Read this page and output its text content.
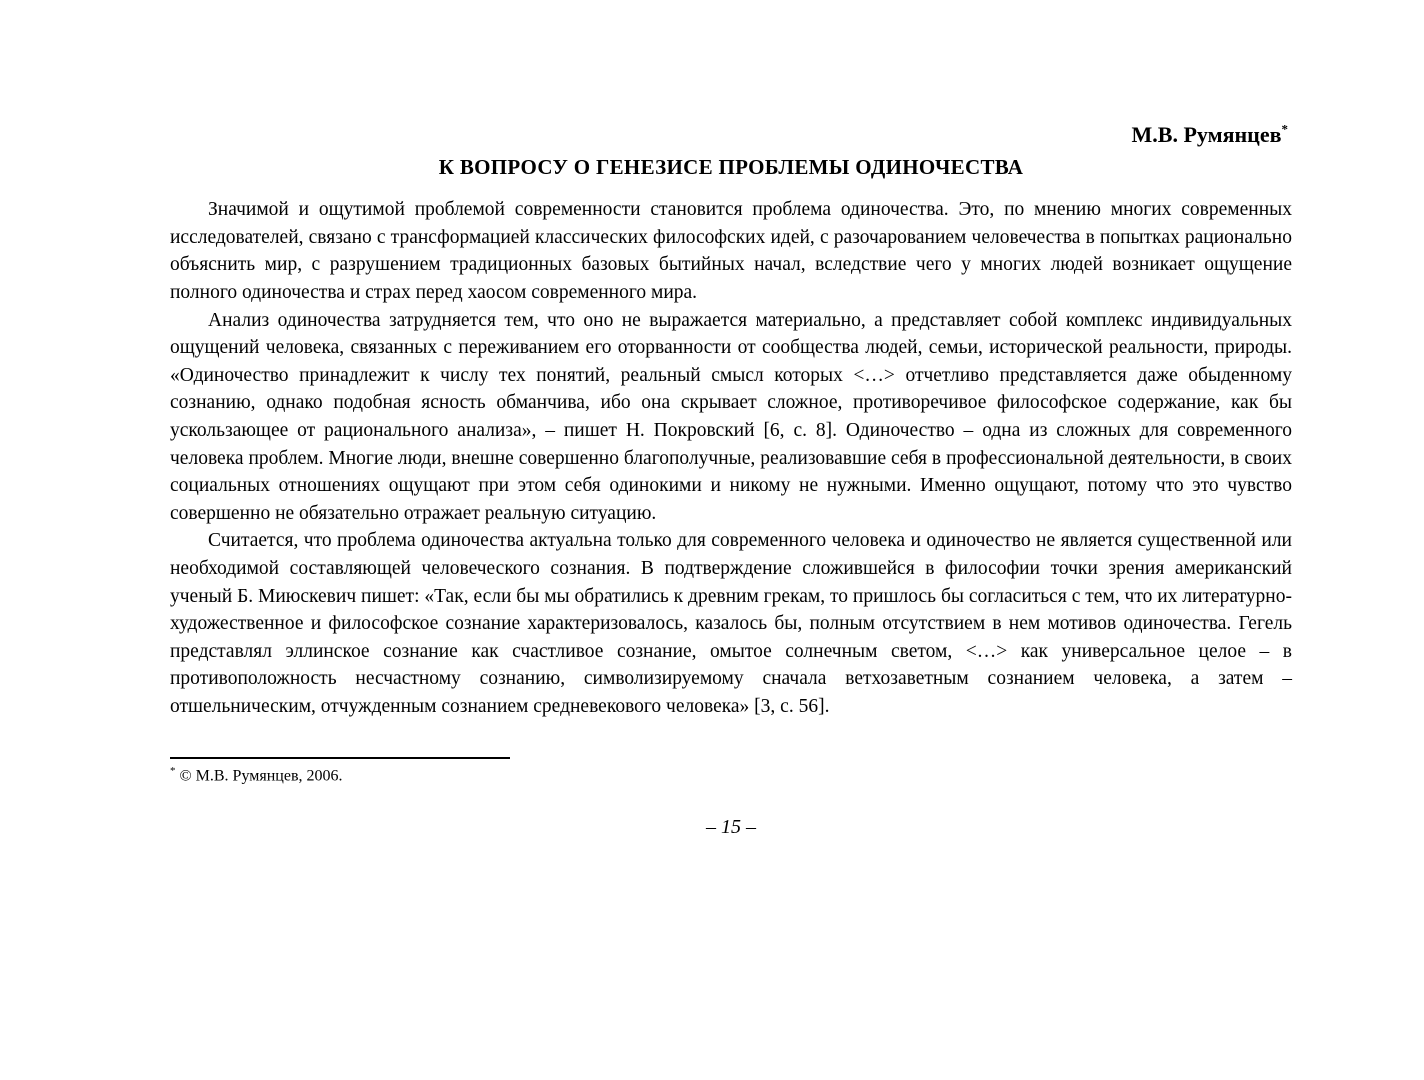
М.В. Румянцев*
К ВОПРОСУ О ГЕНЕЗИСЕ ПРОБЛЕМЫ ОДИНОЧЕСТВА

Значимой и ощутимой проблемой современности становится проблема одиночества. Это, по мнению многих современных исследователей, связано с трансформацией классических философских идей, с разочарованием человечества в попытках рационально объяснить мир, с разрушением традиционных базовых бытийных начал, вследствие чего у многих людей возникает ощущение полного одиночества и страх перед хаосом современного мира.

Анализ одиночества затрудняется тем, что оно не выражается материально, а представляет собой комплекс индивидуальных ощущений человека, связанных с переживанием его оторванности от сообщества людей, семьи, исторической реальности, природы. «Одиночество принадлежит к числу тех понятий, реальный смысл которых <…> отчетливо представляется даже обыденному сознанию, однако подобная ясность обманчива, ибо она скрывает сложное, противоречивое философское содержание, как бы ускользающее от рационального анализа», – пишет Н. Покровский [6, с. 8]. Одиночество – одна из сложных для современного человека проблем. Многие люди, внешне совершенно благополучные, реализовавшие себя в профессиональной деятельности, в своих социальных отношениях ощущают при этом себя одинокими и никому не нужными. Именно ощущают, потому что это чувство совершенно не обязательно отражает реальную ситуацию.

Считается, что проблема одиночества актуальна только для современного человека и одиночество не является существенной или необходимой составляющей человеческого сознания. В подтверждение сложившейся в философии точки зрения американский ученый Б. Миюскевич пишет: «Так, если бы мы обратились к древним грекам, то пришлось бы согласиться с тем, что их литературно-художественное и философское сознание характеризовалось, казалось бы, полным отсутствием в нем мотивов одиночества. Гегель представлял эллинское сознание как счастливое сознание, омытое солнечным светом, <…> как универсальное целое – в противоположность несчастному сознанию, символизируемому сначала ветхозаветным сознанием человека, а затем – отшельническим, отчужденным сознанием средневекового человека» [3, с. 56].

* © М.В. Румянцев, 2006.
– 15 –
